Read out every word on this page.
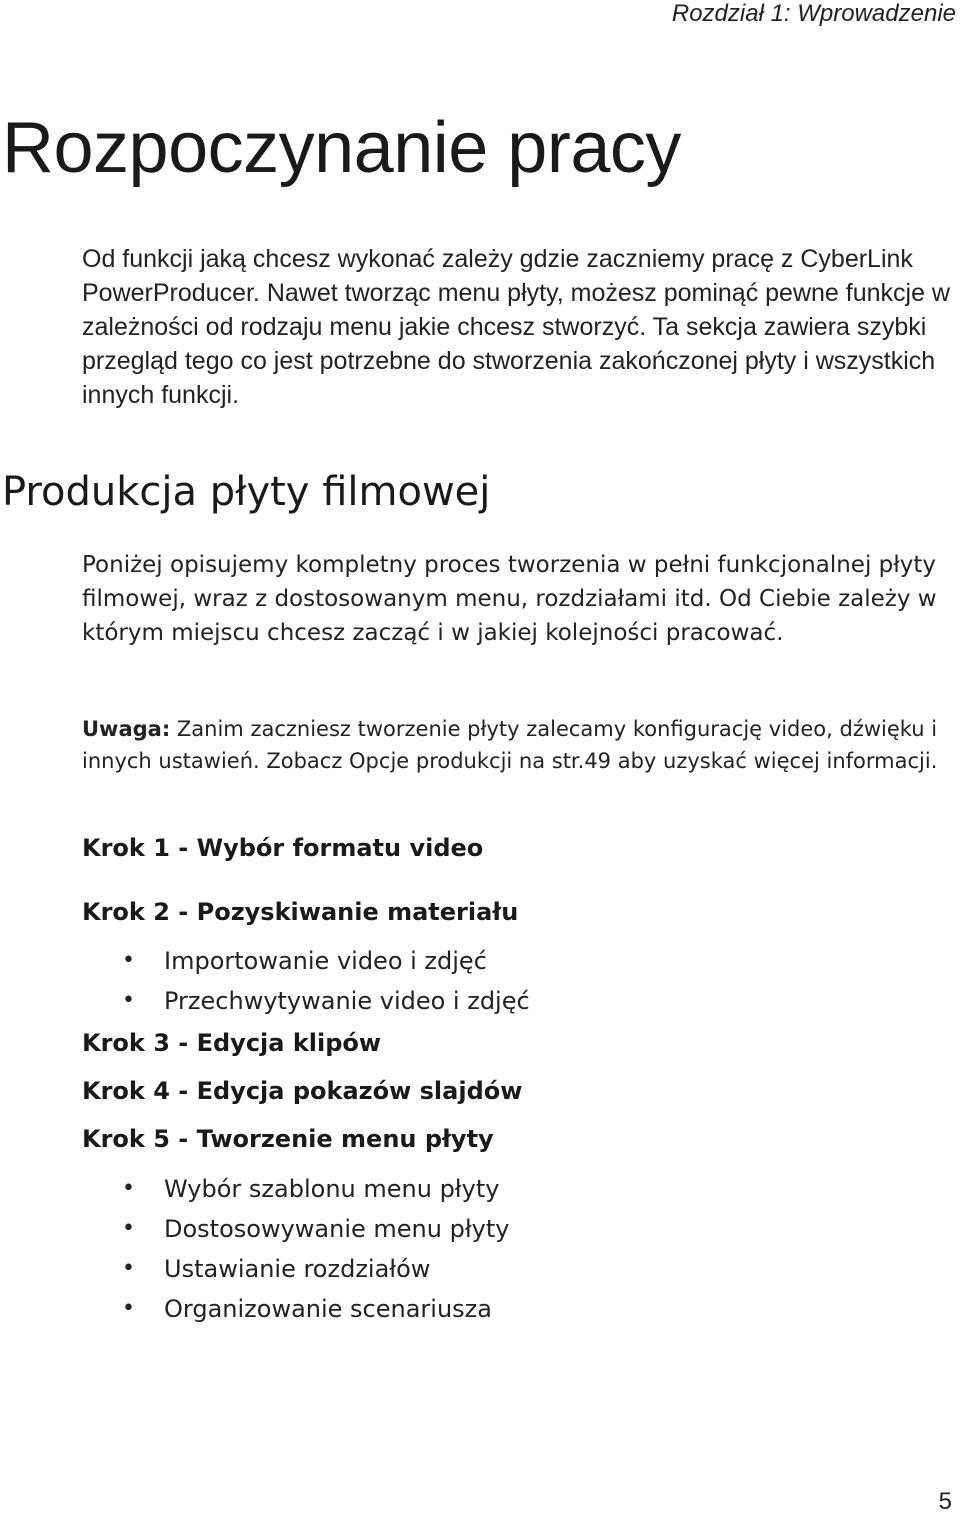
Rozdział 1: Wprowadzenie
Rozpoczynanie pracy

Od funkcji jaką chcesz wykonać zależy gdzie zaczniemy pracę z CyberLink PowerProducer. Nawet tworząc menu płyty, możesz pominąć pewne funkcje w zależności od rodzaju menu jakie chcesz stworzyć. Ta sekcja zawiera szybki przegląd tego co jest potrzebne do stworzenia zakończonej płyty i wszystkich innych funkcji.

Produkcja płyty filmowej

Poniżej opisujemy kompletny proces tworzenia w pełni funkcjonalnej płyty filmowej, wraz z dostosowanym menu, rozdziałami itd. Od Ciebie zależy w którym miejscu chcesz zacząć i w jakiej kolejności pracować.

Uwaga: Zanim zaczniesz tworzenie płyty zalecamy konfigurację video, dźwięku i innych ustawień. Zobacz Opcje produkcji na str.49 aby uzyskać więcej informacji.

Krok 1 - Wybór formatu video
Krok 2 - Pozyskiwanie materiału
• Importowanie video i zdjęć
• Przechwytywanie video i zdjęć
Krok 3 - Edycja klipów
Krok 4 - Edycja pokazów slajdów
Krok 5 - Tworzenie menu płyty
• Wybór szablonu menu płyty
• Dostosowywanie menu płyty
• Ustawianie rozdziałów
• Organizowanie scenariusza
5
